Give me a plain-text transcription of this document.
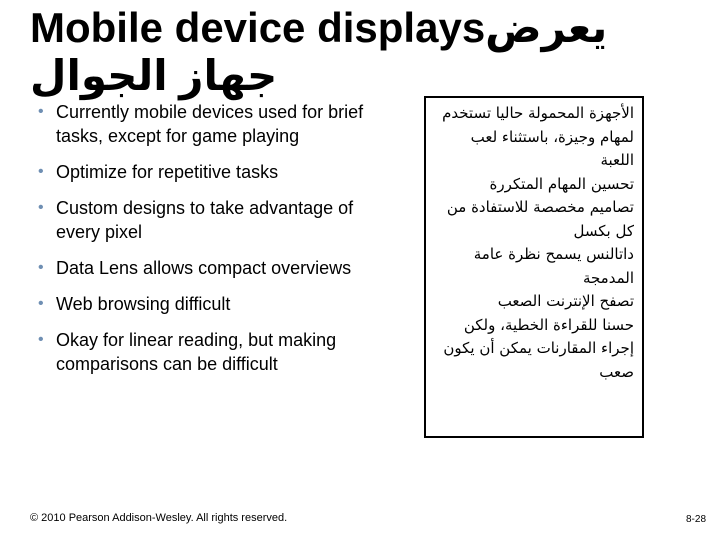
Mobile device displaysيعرض
جهاز الجوال
• Currently mobile devices used for brief tasks, except for game playing
• Optimize for repetitive tasks
• Custom designs to take advantage of every pixel
• Data Lens allows compact overviews
• Web browsing difficult
• Okay for linear reading, but making comparisons can be difficult
الأجهزة المحمولة حاليا تستخدم
لمهام وجيزة، باستثناء لعب
اللعبة
تحسين المهام المتكررة
تصاميم مخصصة للاستفادة من
كل بكسل
داتالنس يسمح نظرة عامة
المدمجة
تصفح الإنترنت الصعب
حسنا للقراءة الخطية، ولكن
إجراء المقارنات يمكن أن يكون
صعب
© 2010 Pearson Addison-Wesley. All rights reserved.	8-28
